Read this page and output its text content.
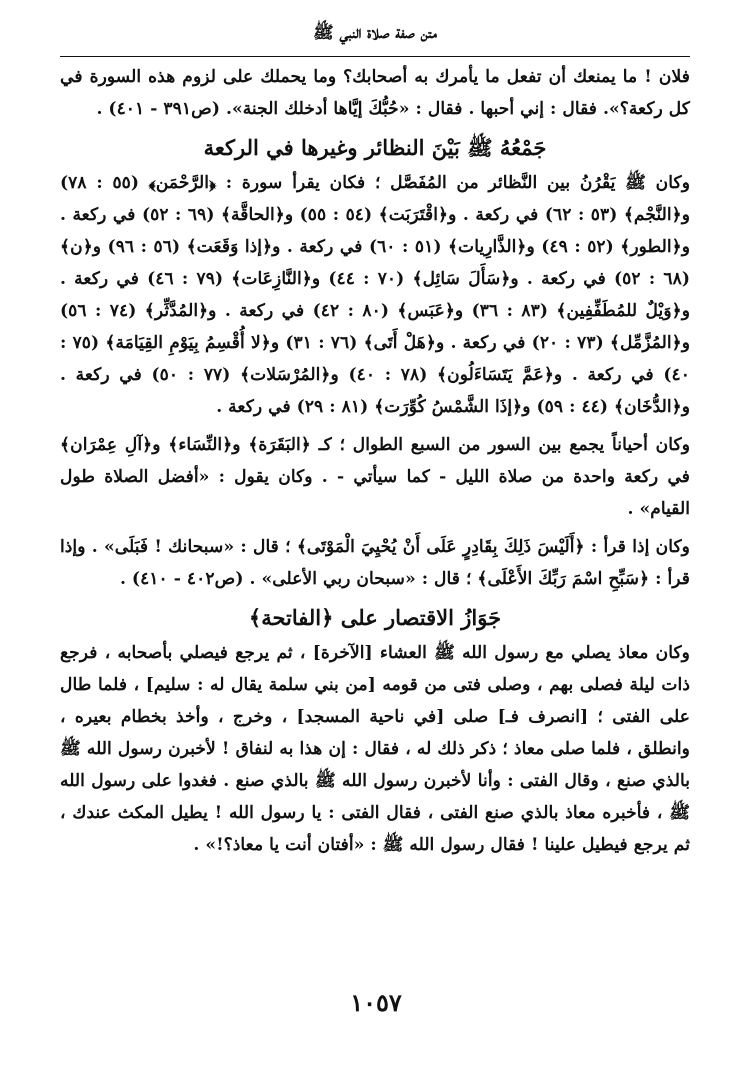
متن صفة صلاة النبي ﷺ

فلان ! ما يمنعك أن تفعل ما يأمرك به أصحابك؟ وما يحملك على لزوم هذه السورة في كل ركعة؟». فقال : إني أحبها . فقال : «حُبُّكَ إيَّاها أدخلك الجنة». (ص٣٩١ - ٤٠١) .

جَمْعُهُ ﷺ بَيْنَ النظائر وغيرها في الركعة

وكان ﷺ يَقْرُنُ بين النَّظائر من المُفَصَّل ؛ فكان يقرأ سورة : ﴿الرَّحْمَن﴾ (٥٥ : ٧٨) و﴿النَّجْم﴾ (٥٣ : ٦٢) في ركعة . و﴿اقْتَرَبَت﴾ (٥٤ : ٥٥) و﴿الحاقَّة﴾ (٦٩ : ٥٢) في ركعة . و﴿الطور﴾ (٥٢ : ٤٩) و﴿الذَّارِيات﴾ (٥١ : ٦٠) في ركعة . و﴿إذا وَقَعَت﴾ (٥٦ : ٩٦) و﴿ن﴾ (٦٨ : ٥٢) في ركعة . و﴿سَأَلَ سَائِل﴾ (٧٠ : ٤٤) و﴿النَّازِعَات﴾ (٧٩ : ٤٦) في ركعة . و﴿وَيْلٌ للمُطَفِّفِين﴾ (٨٣ : ٣٦) و﴿عَبَس﴾ (٨٠ : ٤٢) في ركعة . و﴿المُدَّثِّر﴾ (٧٤ : ٥٦) و﴿المُزَّمِّل﴾ (٧٣ : ٢٠) في ركعة . و﴿هَلْ أَتَى﴾ (٧٦ : ٣١) و﴿لا أُقْسِمُ بِيَوْمِ القِيَامَة﴾ (٧٥ : ٤٠) في ركعة . و﴿عَمَّ يَتَسَاءَلُون﴾ (٧٨ : ٤٠) و﴿المُرْسَلات﴾ (٧٧ : ٥٠) في ركعة . و﴿الدُّخَان﴾ (٤٤ : ٥٩) و﴿إذَا الشَّمْسُ كُوِّرَت﴾ (٨١ : ٢٩) في ركعة .

وكان أحياناً يجمع بين السور من السبع الطوال ؛ كـ ﴿البَقَرَة﴾ و﴿النِّسَاء﴾ و﴿آلِ عِمْرَان﴾ في ركعة واحدة من صلاة الليل - كما سيأتي - . وكان يقول : «أفضل الصلاة طول القيام» .

وكان إذا قرأ : ﴿أَلَيْسَ ذَلِكَ بِقَادِرٍ عَلَى أَنْ يُحْيِيَ الْمَوْتَى﴾ ؛ قال : «سبحانك ! فَبَلَى» . وإذا قرأ : ﴿سَبِّحِ اسْمَ رَبِّكَ الأَعْلَى﴾ ؛ قال : «سبحان ربي الأعلى» . (ص٤٠٢ - ٤١٠) .

جَوَازُ الاقتصار على ﴿الفاتحة﴾

وكان معاذ يصلي مع رسول الله ﷺ العشاء [الآخرة] ، ثم يرجع فيصلي بأصحابه ، فرجع ذات ليلة فصلى بهم ، وصلى فتى من قومه [من بني سلمة يقال له : سليم] ، فلما طال على الفتى ؛ [انصرف فـ] صلى [في ناحية المسجد] ، وخرج ، وأخذ بخطام بعيره ، وانطلق ، فلما صلى معاذ ؛ ذكر ذلك له ، فقال : إن هذا به لنفاق ! لأخبرن رسول الله ﷺ بالذي صنع ، وقال الفتى : وأنا لأخبرن رسول الله ﷺ بالذي صنع . فغدوا على رسول الله ﷺ ، فأخبره معاذ بالذي صنع الفتى ، فقال الفتى : يا رسول الله ! يطيل المكث عندك ، ثم يرجع فيطيل علينا ! فقال رسول الله ﷺ : «أفتان أنت يا معاذ؟!» .

١٠٥٧
